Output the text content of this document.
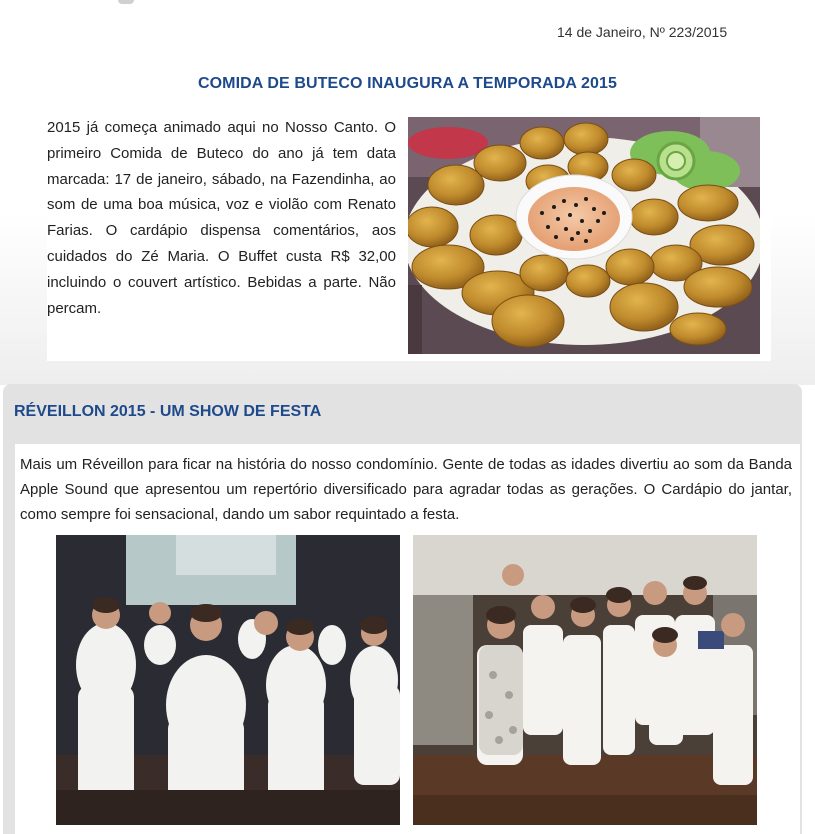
14 de Janeiro, Nº 223/2015
COMIDA DE BUTECO INAUGURA A TEMPORADA 2015
2015 já começa animado aqui no Nosso Canto. O primeiro Comida de Buteco do ano já tem data marcada: 17 de janeiro, sábado, na Fazendinha, ao som de uma boa música, voz e violão com Renato Farias. O cardápio dispensa comentários, aos cuidados do Zé Maria. O Buffet custa R$ 32,00 incluindo o couvert artístico. Bebidas a parte. Não percam.
RÉVEILLON 2015 - UM SHOW DE FESTA
Mais um Réveillon para ficar na história do nosso condomínio. Gente de todas as idades divertiu ao som da Banda Apple Sound que apresentou um repertório diversificado para agradar todas as gerações. O Cardápio do jantar, como sempre foi sensacional, dando um sabor requintado a festa.
